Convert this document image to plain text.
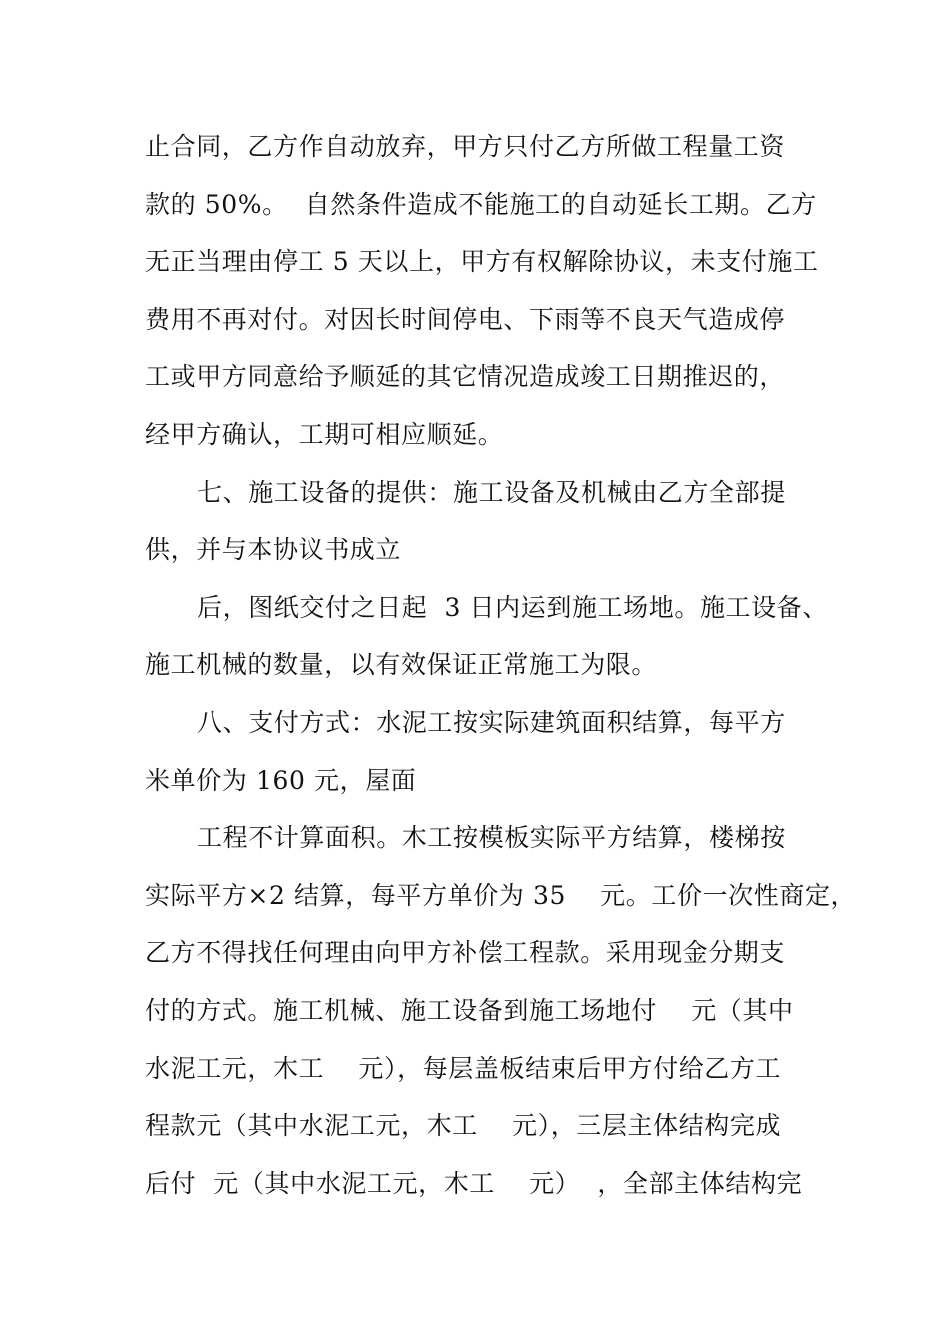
止合同，乙方作自动放弃，甲方只付乙方所做工程量工资
款的 50%。  自然条件造成不能施工的自动延长工期。乙方
无正当理由停工 5 天以上，甲方有权解除协议，未支付施工
费用不再对付。对因长时间停电、下雨等不良天气造成停
工或甲方同意给予顺延的其它情况造成竣工日期推迟的，
经甲方确认，工期可相应顺延。
七、施工设备的提供：施工设备及机械由乙方全部提
供，并与本协议书成立
后，图纸交付之日起  3 日内运到施工场地。施工设备、
施工机械的数量，以有效保证正常施工为限。
八、支付方式：水泥工按实际建筑面积结算，每平方
米单价为 160 元，屋面
工程不计算面积。木工按模板实际平方结算，楼梯按
实际平方×2 结算，每平方单价为 35    元。工价一次性商定，
乙方不得找任何理由向甲方补偿工程款。采用现金分期支
付的方式。施工机械、施工设备到施工场地付    元（其中
水泥工元，木工    元），每层盖板结束后甲方付给乙方工
程款元（其中水泥工元，木工    元），三层主体结构完成
后付  元（其中水泥工元，木工    元）  ，全部主体结构完
